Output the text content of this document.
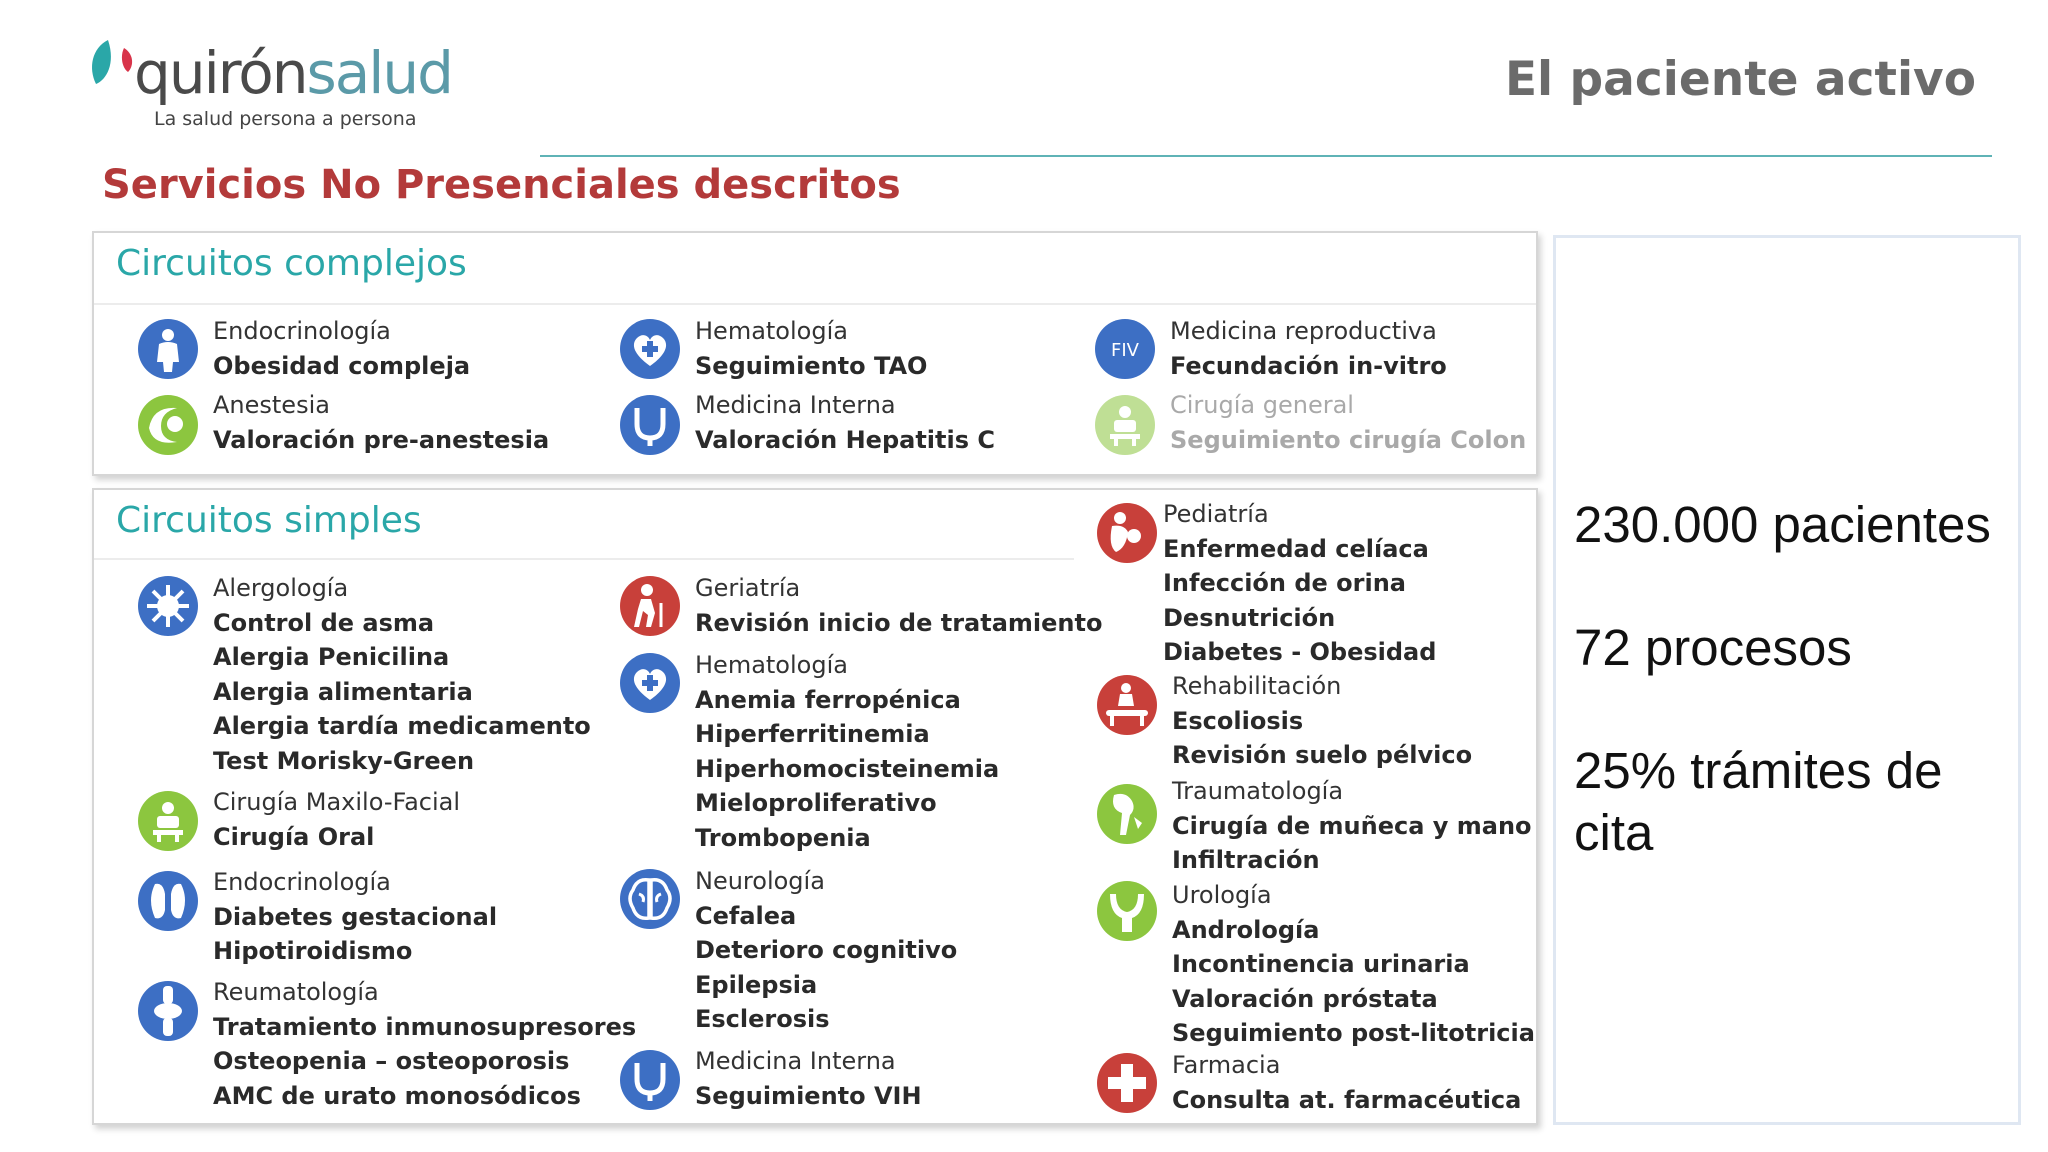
quirónsalud
La salud persona a persona
El paciente activo
Servicios No Presenciales descritos
Circuitos complejos
Circuitos simples	230.000 pacientes
72 procesos
25% trámites de cita
Endocrinología
Obesidad compleja
Anestesia
Valoración pre-anestesia
Hematología
Seguimiento TAO
Medicina Interna
Valoración Hepatitis C
FIV
Medicina reproductiva
Fecundación in-vitro
Cirugía general
Seguimiento cirugía Colon
Alergología
Control de asma
Alergia Penicilina
Alergia alimentaria
Alergia tardía medicamento
Test Morisky-Green
Cirugía Maxilo-Facial
Cirugía Oral
Endocrinología
Diabetes gestacional
Hipotiroidismo
Reumatología
Tratamiento inmunosupresores
Osteopenia – osteoporosis
AMC de urato monosódicos
Geriatría
Revisión inicio de tratamiento
Hematología
Anemia ferropénica
Hiperferritinemia
Hiperhomocisteinemia
Mieloproliferativo
Trombopenia
Neurología
Cefalea
Deterioro cognitivo
Epilepsia
Esclerosis
Medicina Interna
Seguimiento VIH
Pediatría
Enfermedad celíaca
Infección de orina
Desnutrición
Diabetes - Obesidad
Rehabilitación
Escoliosis
Revisión suelo pélvico
Traumatología
Cirugía de muñeca y mano
Infiltración
Urología
Andrología
Incontinencia urinaria
Valoración próstata
Seguimiento post-litotricia
Farmacia
Consulta at. farmacéutica
